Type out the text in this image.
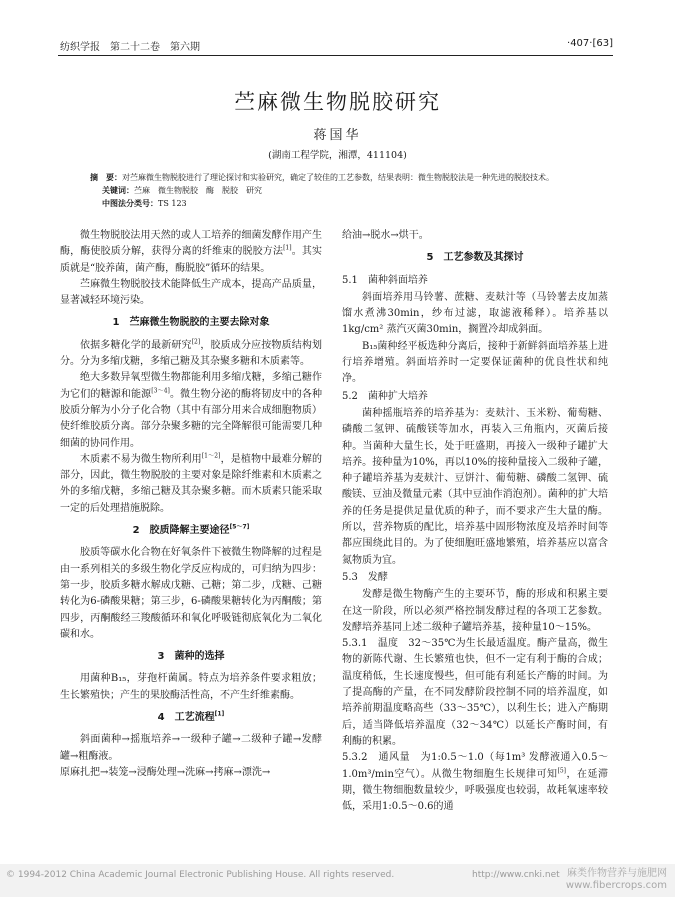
纺织学报　第二十二卷　第六期	·407·[63]
苎麻微生物脱胶研究
蒋国华
(湖南工程学院，湘潭，411104)
摘　要：对苎麻微生物脱胶进行了理论探讨和实验研究，确定了较佳的工艺参数，结果表明：微生物脱胶法是一种先进的脱胶技术。
关键词：苎麻　微生物脱胶　酶　脱胶　研究
中图法分类号：TS 123

微生物脱胶法用天然的或人工培养的细菌发酵作用产生酶，酶使胶质分解，获得分离的纤维束的脱胶方法[1]。其实质就是“胶养菌，菌产酶，酶脱胶”循环的结果。

苎麻微生物脱胶技术能降低生产成本，提高产品质量，显著减轻环境污染。

1　苎麻微生物脱胶的主要去除对象

依据多糖化学的最新研究[2]，胶质成分应按物质结构划分。分为多缩戊糖，多缩己糖及其杂聚多糖和木质素等。

绝大多数异氧型微生物都能利用多缩戊糖，多缩己糖作为它们的糖源和能源[3～4]。微生物分泌的酶将韧皮中的各种胶质分解为小分子化合物（其中有部分用来合成细胞物质）使纤维胶质分离。部分杂聚多糖的完全降解很可能需要几种细菌的协同作用。

木质素不易为微生物所利用[1～2]，是植物中最难分解的部分，因此，微生物脱胶的主要对象是除纤维素和木质素之外的多缩戊糖，多缩己糖及其杂聚多糖。而木质素只能采取一定的后处理措施脱除。

2　胶质降解主要途径[5～7]

胶质等碳水化合物在好氧条件下被微生物降解的过程是由一系列相关的多级生物化学反应构成的，可归纳为四步：第一步，胶质多糖水解成戊糖、己糖；第二步，戊糖、己糖转化为6-磷酸果糖；第三步，6-磷酸果糖转化为丙酮酸；第四步，丙酮酸经三羧酸循环和氧化呼吸链彻底氧化为二氧化碳和水。

3　菌种的选择

用菌种B₁₅，芽孢杆菌属。特点为培养条件要求粗放；生长繁殖快；产生的果胶酶活性高，不产生纤维素酶。

4　工艺流程[1]

斜面菌种→摇瓶培养→一级种子罐→二级种子罐→发酵罐→粗酶液。

原麻扎把→装笼→浸酶处理→洗麻→拷麻→漂洗→

给油→脱水→烘干。

5　工艺参数及其探讨

5.1　菌种斜面培养

斜面培养用马铃薯、蔗糖、麦麸汁等（马铃薯去皮加蒸馏水煮沸30min，纱布过滤，取滤液稀释）。培养基以1kg/cm² 蒸汽灭菌30min，搁置冷却成斜面。

B₁₅菌种经平板选种分离后，接种于新鲜斜面培养基上进行培养增殖。斜面培养时一定要保证菌种的优良性状和纯净。

5.2　菌种扩大培养

菌种摇瓶培养的培养基为：麦麸汁、玉米粉、葡萄糖、磷酸二氢钾、硫酸镁等加水，再装入三角瓶内，灭菌后接种。当菌种大量生长，处于旺盛期，再接入一级种子罐扩大培养。接种量为10%，再以10%的接种量接入二级种子罐，种子罐培养基为麦麸汁、豆饼汁、葡萄糖、磷酸二氢钾、硫酸镁、豆油及微量元素（其中豆油作消泡剂）。菌种的扩大培养的任务是提供足量优质的种子，而不要求产生大量的酶。所以，营养物质的配比，培养基中固形物浓度及培养时间等都应围绕此目的。为了使细胞旺盛地繁殖，培养基应以富含氮物质为宜。

5.3　发酵

发酵是微生物酶产生的主要环节，酶的形成和积累主要在这一阶段，所以必须严格控制发酵过程的各项工艺参数。发酵培养基同上述二级种子罐培养基，接种量10～15%。

5.3.1　温度　32～35℃为生长最适温度。酶产量高，微生物的新陈代谢、生长繁殖也快，但不一定有利于酶的合成；温度稍低，生长速度慢些，但可能有利延长产酶的时间。为了提高酶的产量，在不同发酵阶段控制不同的培养温度，如培养前期温度略高些（33～35℃），以利生长；进入产酶期后，适当降低培养温度（32～34℃）以延长产酶时间，有利酶的积累。

5.3.2　通风量　为1:0.5～1.0（每1m³ 发酵液通入0.5～1.0m³/min空气）。从微生物细胞生长规律可知[5]，在延滞期，微生物细胞数量较少，呼吸强度也较弱，故耗氧速率较低，采用1:0.5～0.6的通

© 1994-2012 China Academic Journal Electronic Publishing House. All rights reserved.	http://www.cnki.net 麻类作物营养与施肥网
www.fibercrops.com
